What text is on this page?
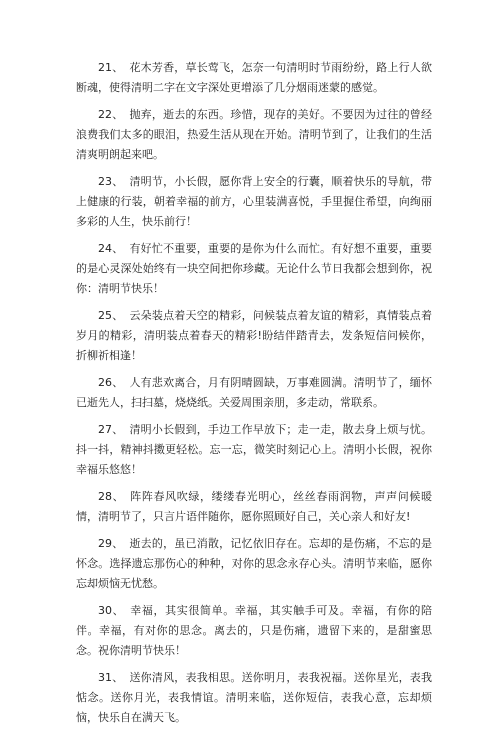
21、 花木芳香，草长莺飞，怎奈一句清明时节雨纷纷，路上行人欲断魂，使得清明二字在文字深处更增添了几分烟雨迷蒙的感觉。

22、 抛弃，逝去的东西。珍惜，现存的美好。不要因为过往的曾经浪费我们太多的眼泪，热爱生活从现在开始。清明节到了，让我们的生活清爽明朗起来吧。

23、 清明节，小长假，愿你背上安全的行囊，顺着快乐的导航，带上健康的行装，朝着幸福的前方，心里装满喜悦，手里握住希望，向绚丽多彩的人生，快乐前行！

24、 有好忙不重要，重要的是你为什么而忙。有好想不重要，重要的是心灵深处始终有一块空间把你珍藏。无论什么节日我都会想到你，祝你：清明节快乐！

25、 云朵装点着天空的精彩，问候装点着友谊的精彩，真情装点着岁月的精彩，清明装点着春天的精彩!盼结伴踏青去，发条短信问候你，折柳祈相逢！

26、 人有悲欢离合，月有阴晴圆缺，万事难圆满。清明节了，缅怀已逝先人，扫扫墓，烧烧纸。关爱周围亲朋，多走动，常联系。

27、 清明小长假到，手边工作早放下；走一走，散去身上烦与忧。抖一抖，精神抖擞更轻松。忘一忘，微笑时刻记心上。清明小长假，祝你幸福乐悠悠！

28、 阵阵春风吹绿，缕缕春光明心，丝丝春雨润物，声声问候暖情，清明节了，只言片语伴随你，愿你照顾好自己，关心亲人和好友!

29、 逝去的，虽已消散，记忆依旧存在。忘却的是伤痛，不忘的是怀念。选择遗忘那伤心的种种，对你的思念永存心头。清明节来临，愿你忘却烦恼无忧愁。

30、 幸福，其实很简单。幸福，其实触手可及。幸福，有你的陪伴。幸福，有对你的思念。离去的，只是伤痛，遗留下来的，是甜蜜思念。祝你清明节快乐！

31、 送你清风，表我相思。送你明月，表我祝福。送你星光，表我惦念。送你月光，表我情谊。清明来临，送你短信，表我心意，忘却烦恼，快乐自在满天飞。
